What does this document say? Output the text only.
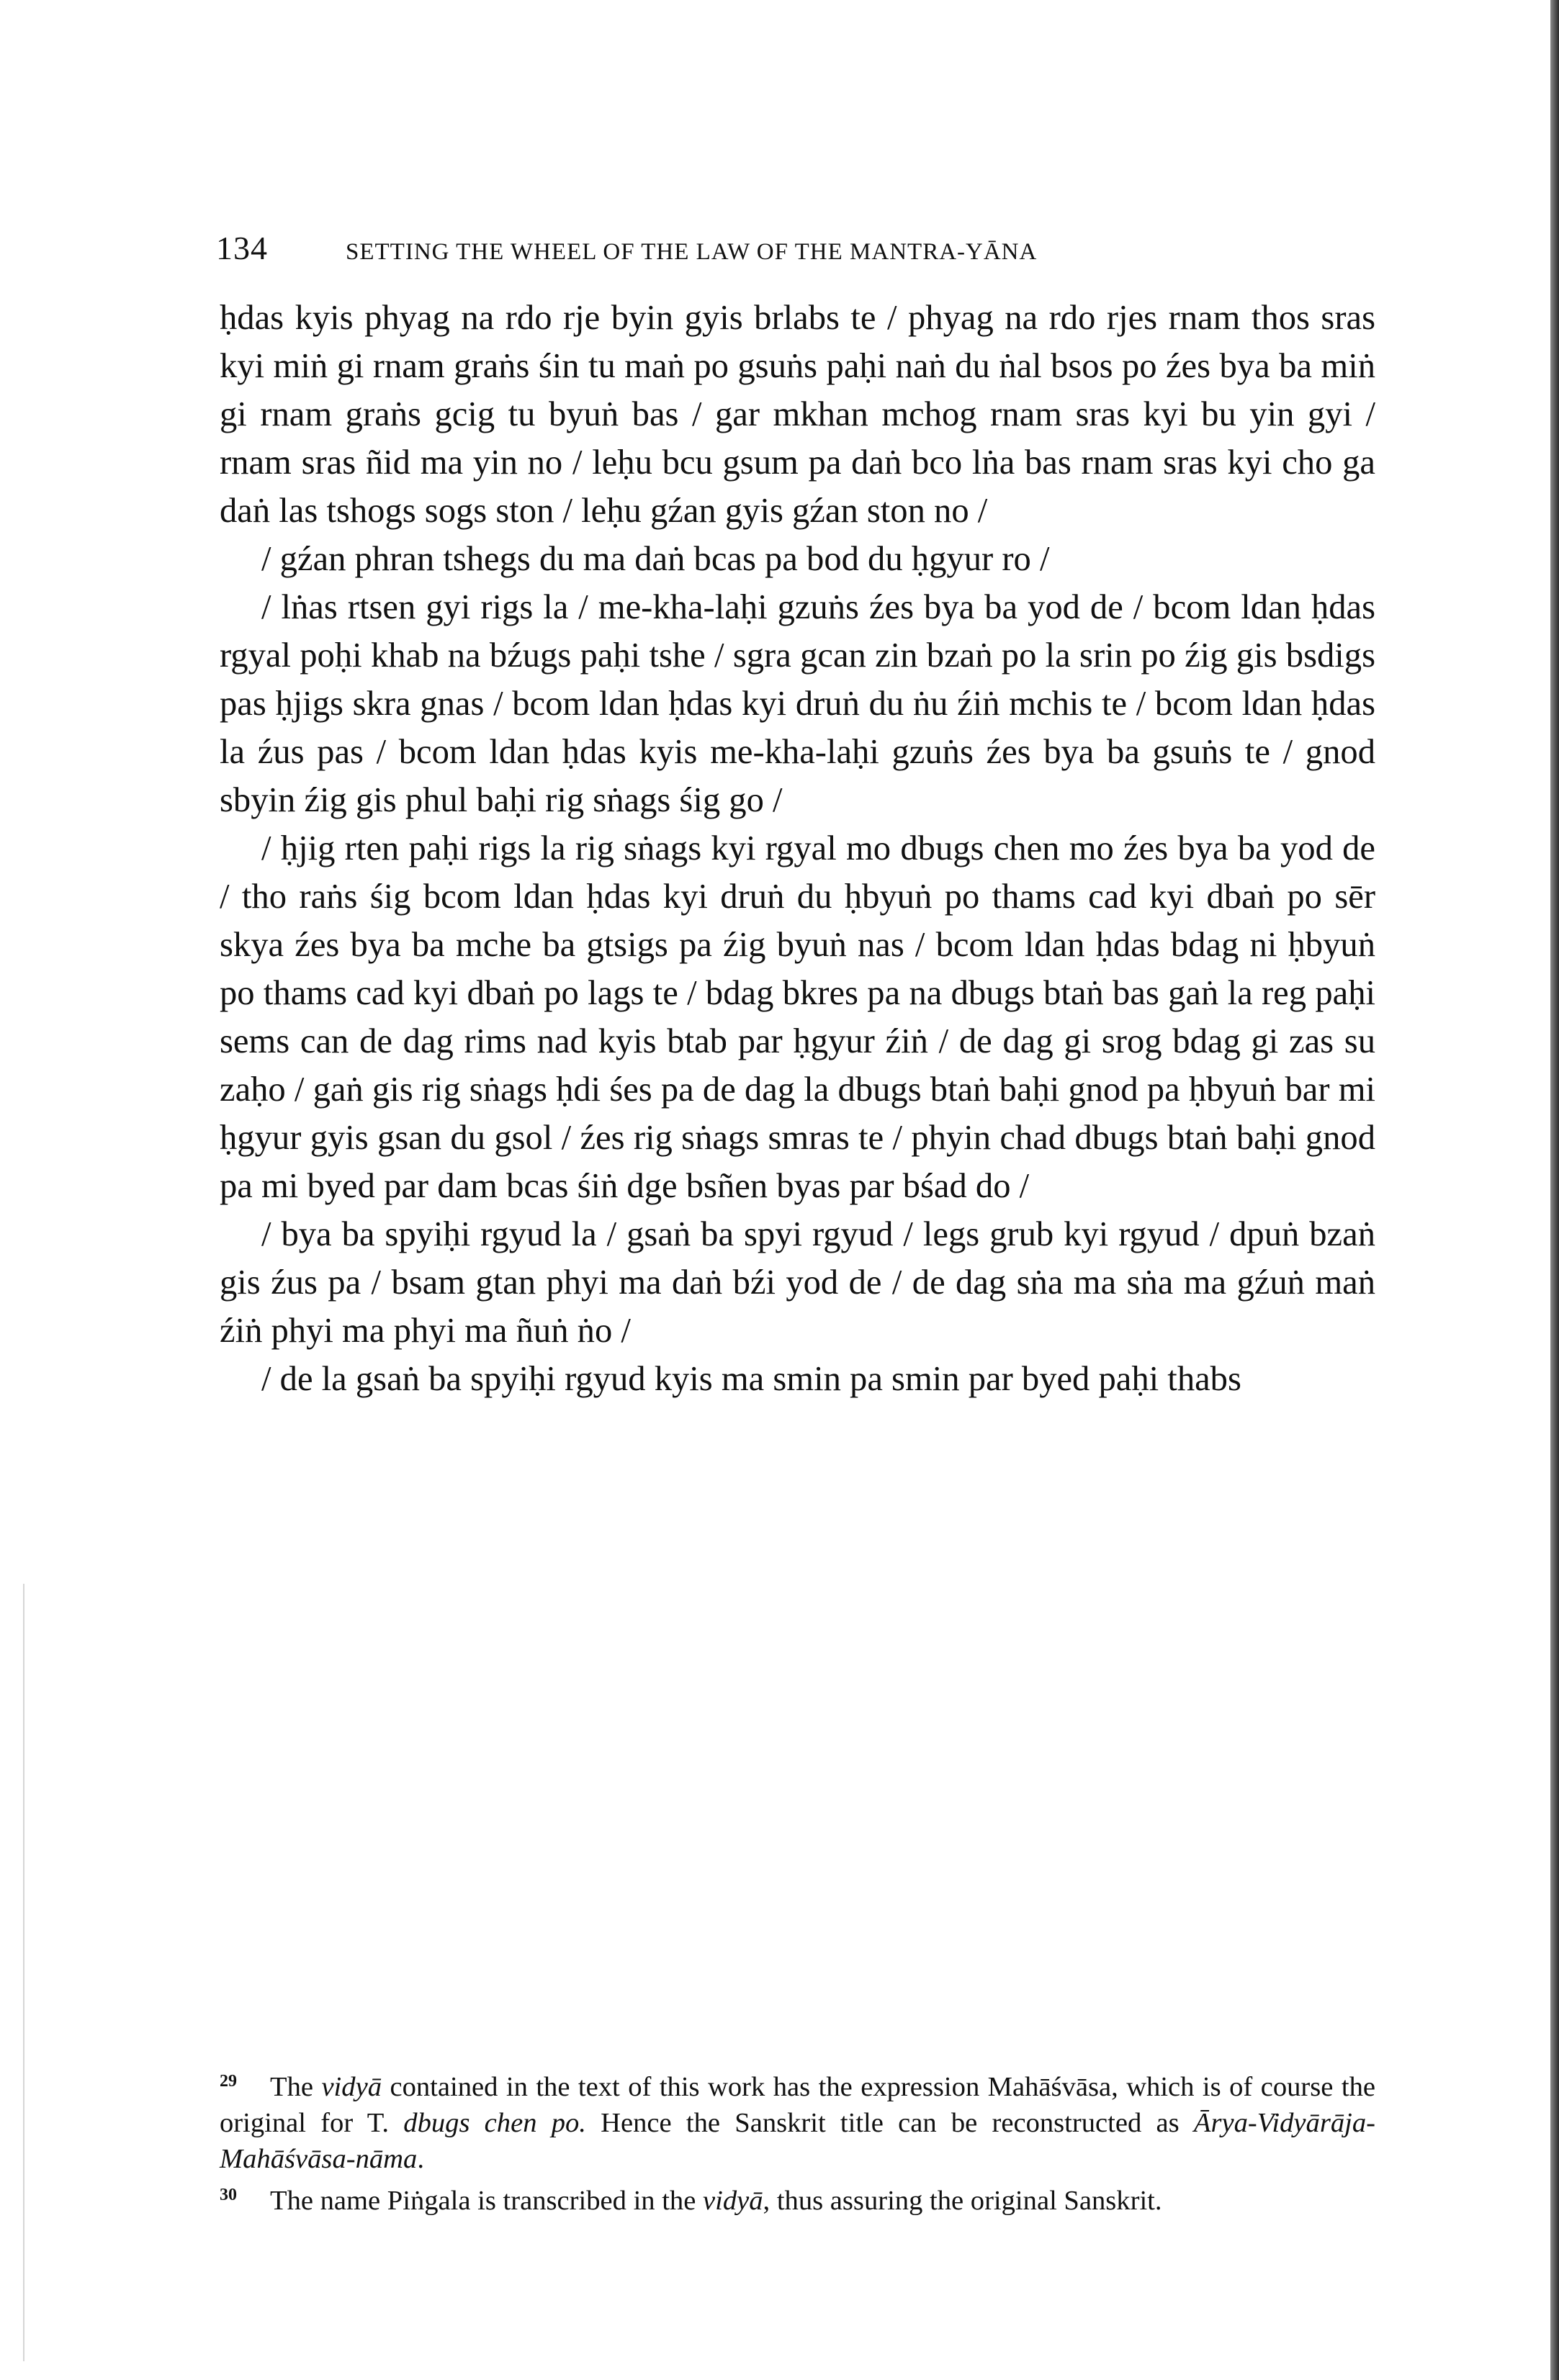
134	SETTING THE WHEEL OF THE LAW OF THE MANTRA-YĀNA

ḥdas kyis phyag na rdo rje byin gyis brlabs te / phyag na rdo rjes rnam thos sras kyi miṅ gi rnam graṅs śin tu maṅ po gsuṅs paḥi naṅ du ṅal bsos po źes bya ba miṅ gi rnam graṅs gcig tu byuṅ bas / gar mkhan mchog rnam sras kyi bu yin gyi / rnam sras ñid ma yin no / leḥu bcu gsum pa daṅ bco lṅa bas rnam sras kyi cho ga daṅ las tshogs sogs ston / leḥu gźan gyis gźan ston no /

/ gźan phran tshegs du ma daṅ bcas pa bod du ḥgyur ro /

/ lṅas rtsen gyi rigs la / me-kha-laḥi gzuṅs źes bya ba yod de / bcom ldan ḥdas rgyal poḥi khab na bźugs paḥi tshe / sgra gcan zin bzaṅ po la srin po źig gis bsdigs pas ḥjigs skra gnas / bcom ldan ḥdas kyi druṅ du ṅu źiṅ mchis te / bcom ldan ḥdas la źus pas / bcom ldan ḥdas kyis me-kha-laḥi gzuṅs źes bya ba gsuṅs te / gnod sbyin źig gis phul baḥi rig sṅags śig go /

/ ḥjig rten paḥi rigs la rig sṅags kyi rgyal mo dbugs chen mo źes bya ba yod de / tho raṅs śig bcom ldan ḥdas kyi druṅ du ḥbyuṅ po thams cad kyi dbaṅ po sēr skya źes bya ba mche ba gtsigs pa źig byuṅ nas / bcom ldan ḥdas bdag ni ḥbyuṅ po thams cad kyi dbaṅ po lags te / bdag bkres pa na dbugs btaṅ bas gaṅ la reg paḥi sems can de dag rims nad kyis btab par ḥgyur źiṅ / de dag gi srog bdag gi zas su zaḥo / gaṅ gis rig sṅags ḥdi śes pa de dag la dbugs btaṅ baḥi gnod pa ḥbyuṅ bar mi ḥgyur gyis gsan du gsol / źes rig sṅags smras te / phyin chad dbugs btaṅ baḥi gnod pa mi byed par dam bcas śiṅ dge bsñen byas par bśad do /

/ bya ba spyiḥi rgyud la / gsaṅ ba spyi rgyud / legs grub kyi rgyud / dpuṅ bzaṅ gis źus pa / bsam gtan phyi ma daṅ bźi yod de / de dag sṅa ma sṅa ma gźuṅ maṅ źiṅ phyi ma phyi ma ñuṅ ṅo /

/ de la gsaṅ ba spyiḥi rgyud kyis ma smin pa smin par byed paḥi thabs

29 The vidyā contained in the text of this work has the expression Mahāśvāsa, which is of course the original for T. dbugs chen po. Hence the Sanskrit title can be reconstructed as Ārya-Vidyārāja-Mahāśvāsa-nāma.

30 The name Piṅgala is transcribed in the vidyā, thus assuring the original Sanskrit.
